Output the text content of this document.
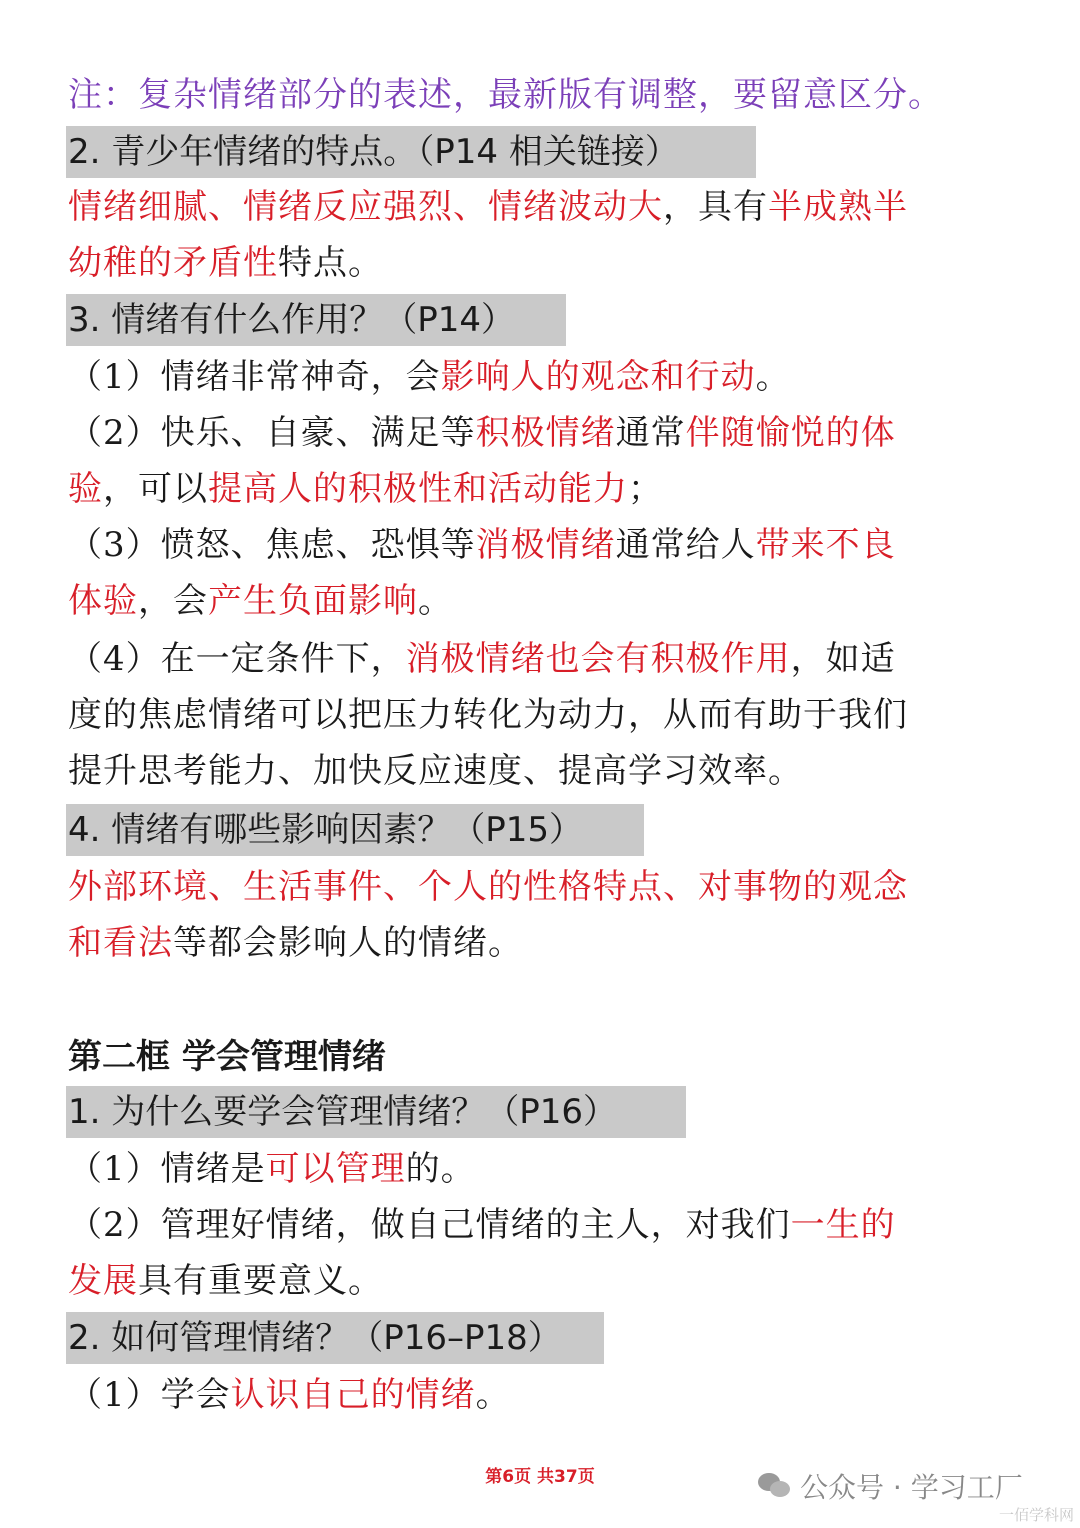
注：复杂情绪部分的表述，最新版有调整，要留意区分。
2. 青少年情绪的特点。（P14 相关链接）
情绪细腻、情绪反应强烈、情绪波动大，具有半成熟半
幼稚的矛盾性特点。
3. 情绪有什么作用？（P14）
（1）情绪非常神奇，会影响人的观念和行动。
（2）快乐、自豪、满足等积极情绪通常伴随愉悦的体
验，可以提高人的积极性和活动能力；
（3）愤怒、焦虑、恐惧等消极情绪通常给人带来不良
体验，会产生负面影响。
（4）在一定条件下，消极情绪也会有积极作用，如适
度的焦虑情绪可以把压力转化为动力，从而有助于我们
提升思考能力、加快反应速度、提高学习效率。
4. 情绪有哪些影响因素？（P15）
外部环境、生活事件、个人的性格特点、对事物的观念
和看法等都会影响人的情绪。
第二框 学会管理情绪
1. 为什么要学会管理情绪？（P16）
（1）情绪是可以管理的。
（2）管理好情绪，做自己情绪的主人，对我们一生的
发展具有重要意义。
2. 如何管理情绪？（P16–P18）
（1）学会认识自己的情绪。
第6页 共37页	公众号 · 学习工厂
一佰学科网
